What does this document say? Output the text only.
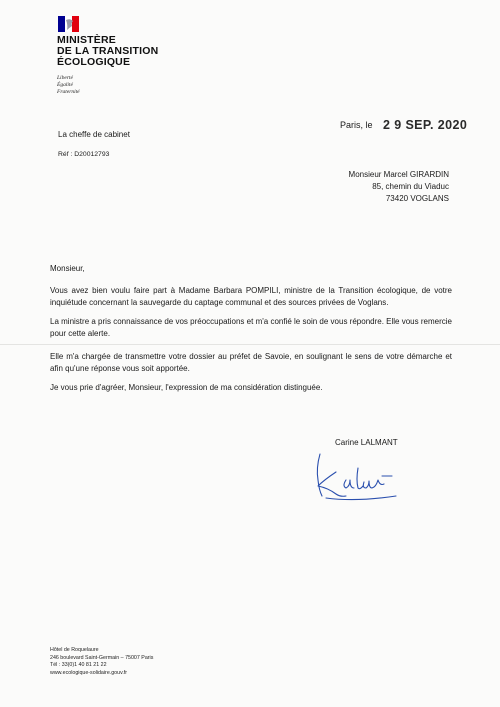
MINISTÈRE
DE LA TRANSITION
ÉCOLOGIQUE
Liberté
Égalité
Fraternité
Paris, le 2 9 SEP. 2020
La cheffe de cabinet
Réf : D20012793
Monsieur Marcel GIRARDIN
85, chemin du Viaduc
73420 VOGLANS
Monsieur,
Vous avez bien voulu faire part à Madame Barbara POMPILI, ministre de la Transition écologique, de votre inquiétude concernant la sauvegarde du captage communal et des sources privées de Voglans.
La ministre a pris connaissance de vos préoccupations et m'a confié le soin de vous répondre. Elle vous remercie pour cette alerte.
Elle m'a chargée de transmettre votre dossier au préfet de Savoie, en soulignant le sens de votre démarche et afin qu'une réponse vous soit apportée.
Je vous prie d'agréer, Monsieur, l'expression de ma considération distinguée.
Carine LALMANT
Hôtel de Roquelaure
246 boulevard Saint-Germain – 75007 Paris
Tél : 33(0)1 40 81 21 22
www.ecologique-solidaire.gouv.fr
